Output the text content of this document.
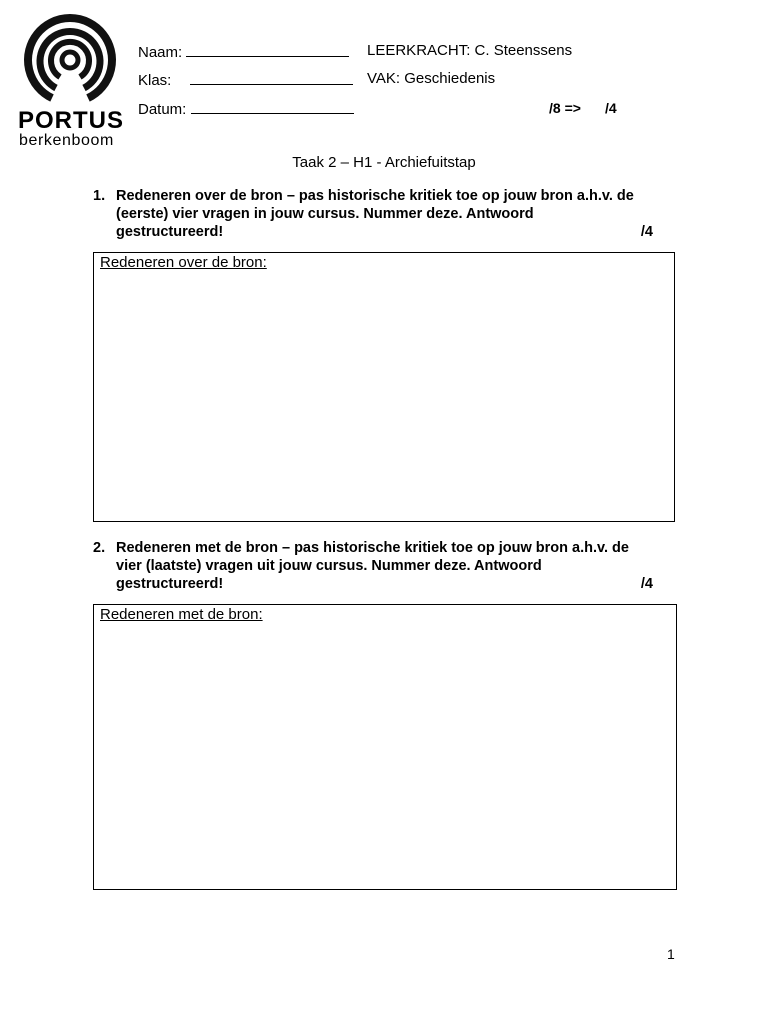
PORTUS
berkenboom
Naam:
Klas:
Datum:
LEERKRACHT: C. Steenssens
VAK: Geschiedenis
/8 => /4
Taak 2 – H1 - Archiefuitstap
1. Redeneren over de bron – pas historische kritiek toe op jouw bron a.h.v. de
(eerste) vier vragen in jouw cursus. Nummer deze. Antwoord
gestructureerd!	/4
Redeneren over de bron:
2. Redeneren met de bron – pas historische kritiek toe op jouw bron a.h.v. de
vier (laatste) vragen uit jouw cursus. Nummer deze. Antwoord
gestructureerd!	/4
Redeneren met de bron:
1
